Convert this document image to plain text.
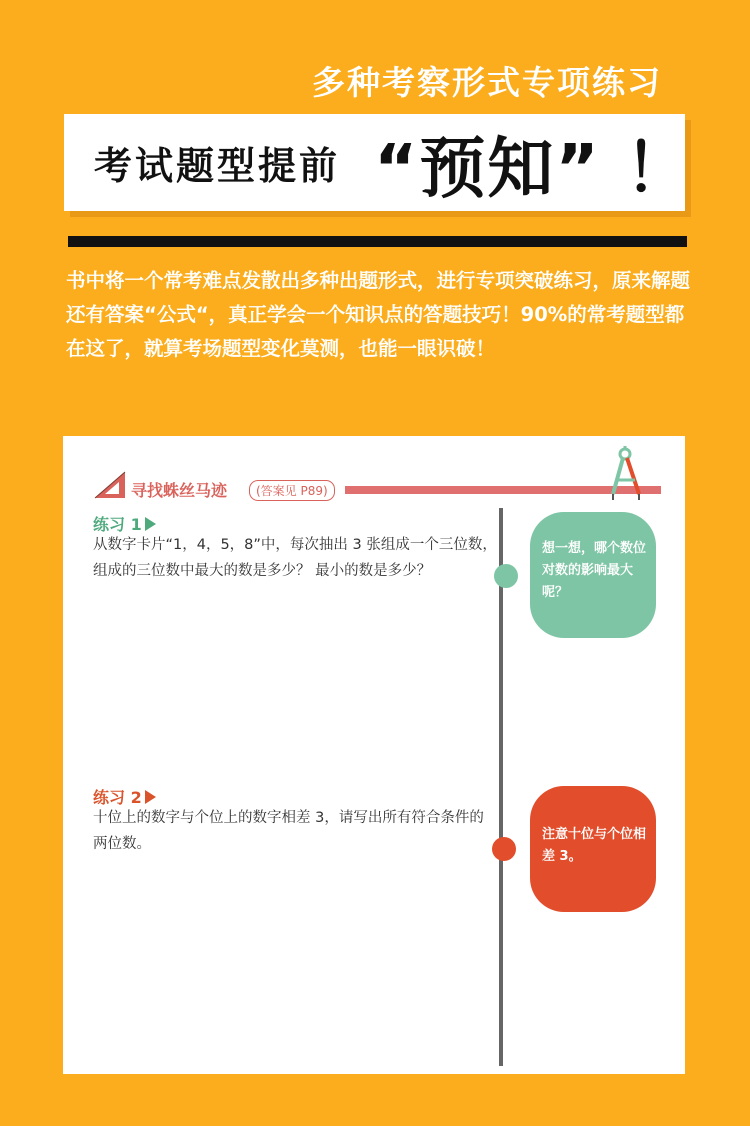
多种考察形式专项练习
考试题型提前 “预知” ！
书中将一个常考难点发散出多种出题形式，进行专项突破练习，原来解题还有答案“公式“，真正学会一个知识点的答题技巧！90%的常考题型都在这了，就算考场题型变化莫测，也能一眼识破！
寻找蛛丝马迹	(答案见 P89)
练习 1
从数字卡片“1，4，5，8”中，每次抽出 3 张组成一个三位数，组成的三位数中最大的数是多少？ 最小的数是多少？
想一想，哪个数位对数的影响最大呢？
练习 2
十位上的数字与个位上的数字相差 3，请写出所有符合条件的两位数。
注意十位与个位相差 3。
